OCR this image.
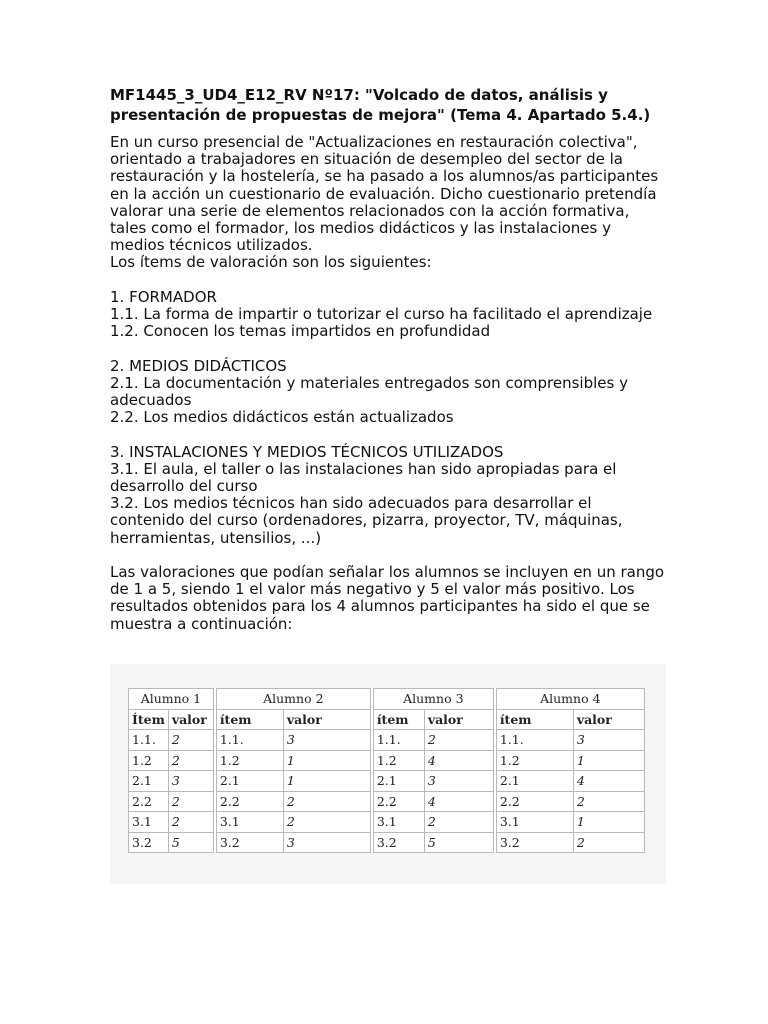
MF1445_3_UD4_E12_RV Nº17: "Volcado de datos, análisis y presentación de propuestas de mejora" (Tema 4. Apartado 5.4.)

En un curso presencial de "Actualizaciones en restauración colectiva", orientado a trabajadores en situación de desempleo del sector de la restauración y la hostelería, se ha pasado a los alumnos/as participantes en la acción un cuestionario de evaluación. Dicho cuestionario pretendía valorar una serie de elementos relacionados con la acción formativa, tales como el formador, los medios didácticos y las instalaciones y medios técnicos utilizados.

Los ítems de valoración son los siguientes:

1. FORMADOR

1.1. La forma de impartir o tutorizar el curso ha facilitado el aprendizaje

1.2. Conocen los temas impartidos en profundidad

2. MEDIOS DIDÁCTICOS

2.1. La documentación y materiales entregados son comprensibles y adecuados

2.2. Los medios didácticos están actualizados

3. INSTALACIONES Y MEDIOS TÉCNICOS UTILIZADOS

3.1. El aula, el taller o las instalaciones han sido apropiadas para el desarrollo del curso

3.2. Los medios técnicos han sido adecuados para desarrollar el contenido del curso (ordenadores, pizarra, proyector, TV, máquinas, herramientas, utensilios, ...)

Las valoraciones que podían señalar los alumnos se incluyen en un rango de 1 a 5, siendo 1 el valor más negativo y 5 el valor más positivo. Los resultados obtenidos para los 4 alumnos participantes ha sido el que se muestra a continuación:

Alumno 1			Alumno 2			Alumno 3			Alumno 4	
Ítem	valor		ítem	valor		ítem	valor		ítem	valor
1.1.	2		1.1.	3		1.1.	2		1.1.	3
1.2	2		1.2	1		1.2	4		1.2	1
2.1	3		2.1	1		2.1	3		2.1	4
2.2	2		2.2	2		2.2	4		2.2	2
3.1	2		3.1	2		3.1	2		3.1	1
3.2	5		3.2	3		3.2	5		3.2	2
